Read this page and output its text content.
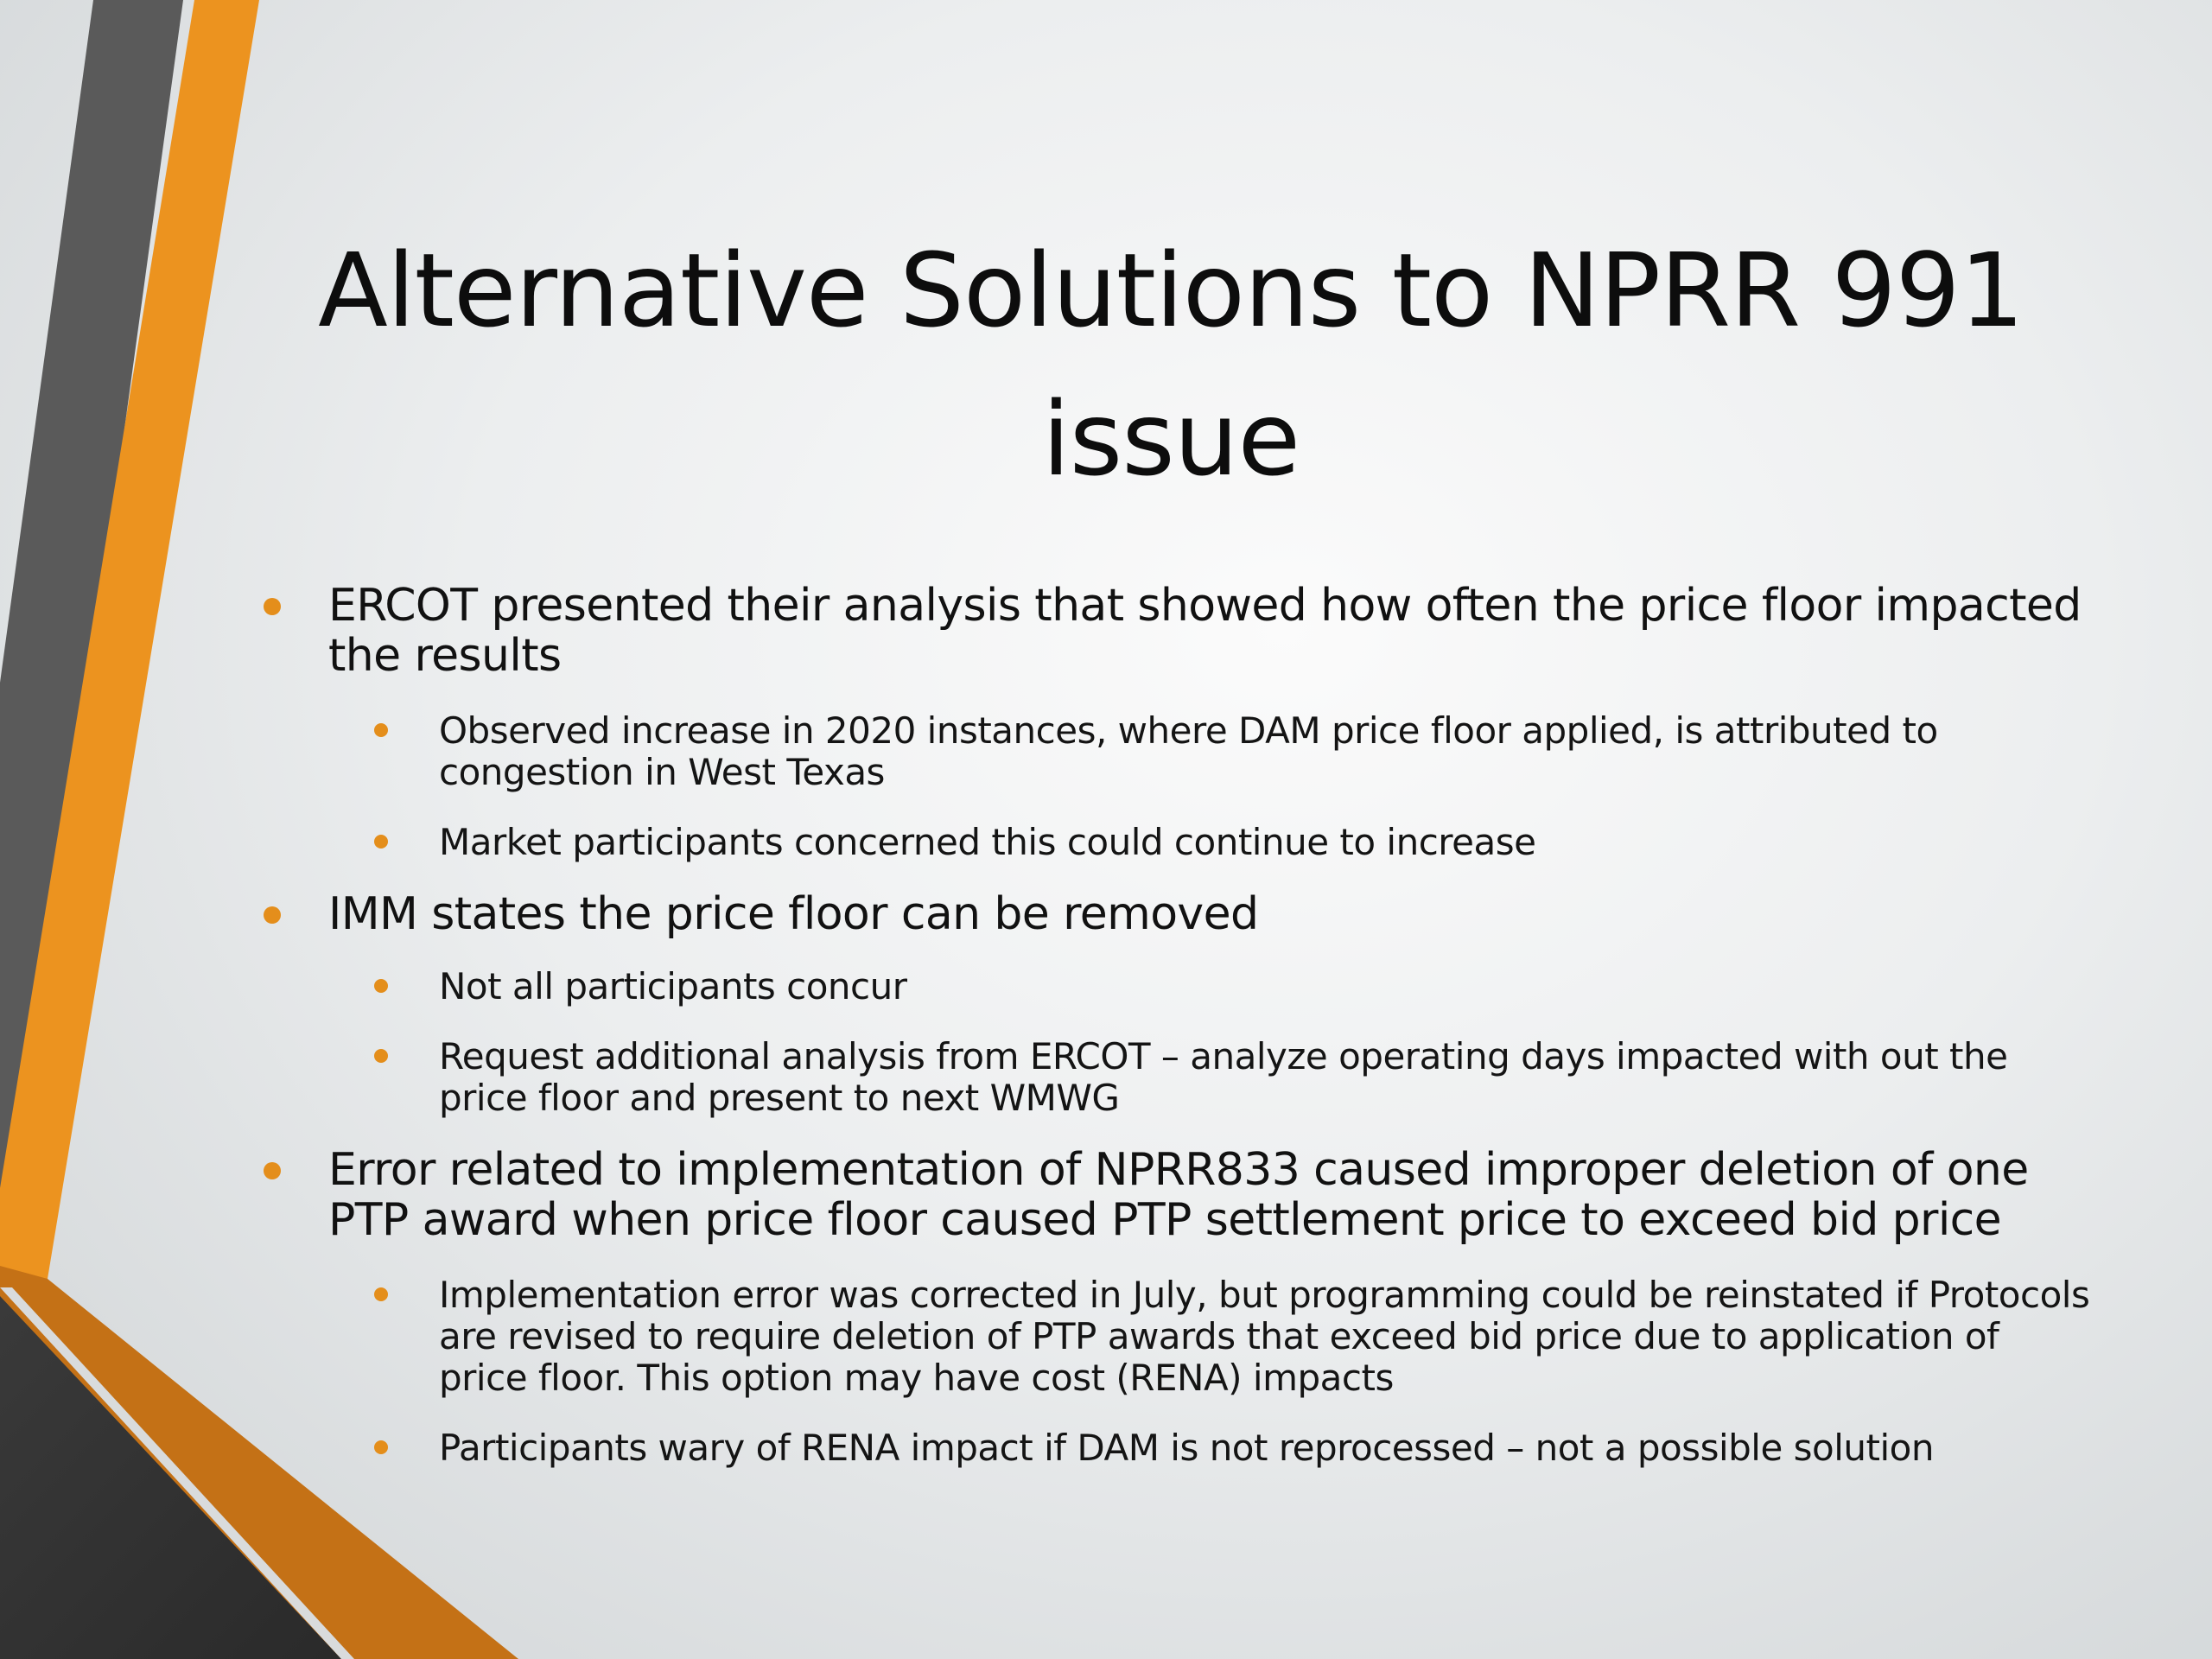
Alternative Solutions to NPRR 991 issue
ERCOT presented their analysis that showed how often the price floor impacted the results
Observed increase in 2020 instances, where DAM price floor applied, is attributed to congestion in West Texas
Market participants concerned this could continue to increase
IMM states the price floor can be removed
Not all participants concur
Request additional analysis from ERCOT – analyze operating days impacted with out the price floor and present to next WMWG
Error related to implementation of NPRR833 caused improper deletion of one PTP award when price floor caused PTP settlement price to exceed bid price
Implementation error was corrected in July, but programming could be reinstated if Protocols are revised to require deletion of PTP awards that exceed bid price due to application of price floor. This option may have cost (RENA) impacts
Participants wary of RENA impact if DAM is not reprocessed – not a possible solution
